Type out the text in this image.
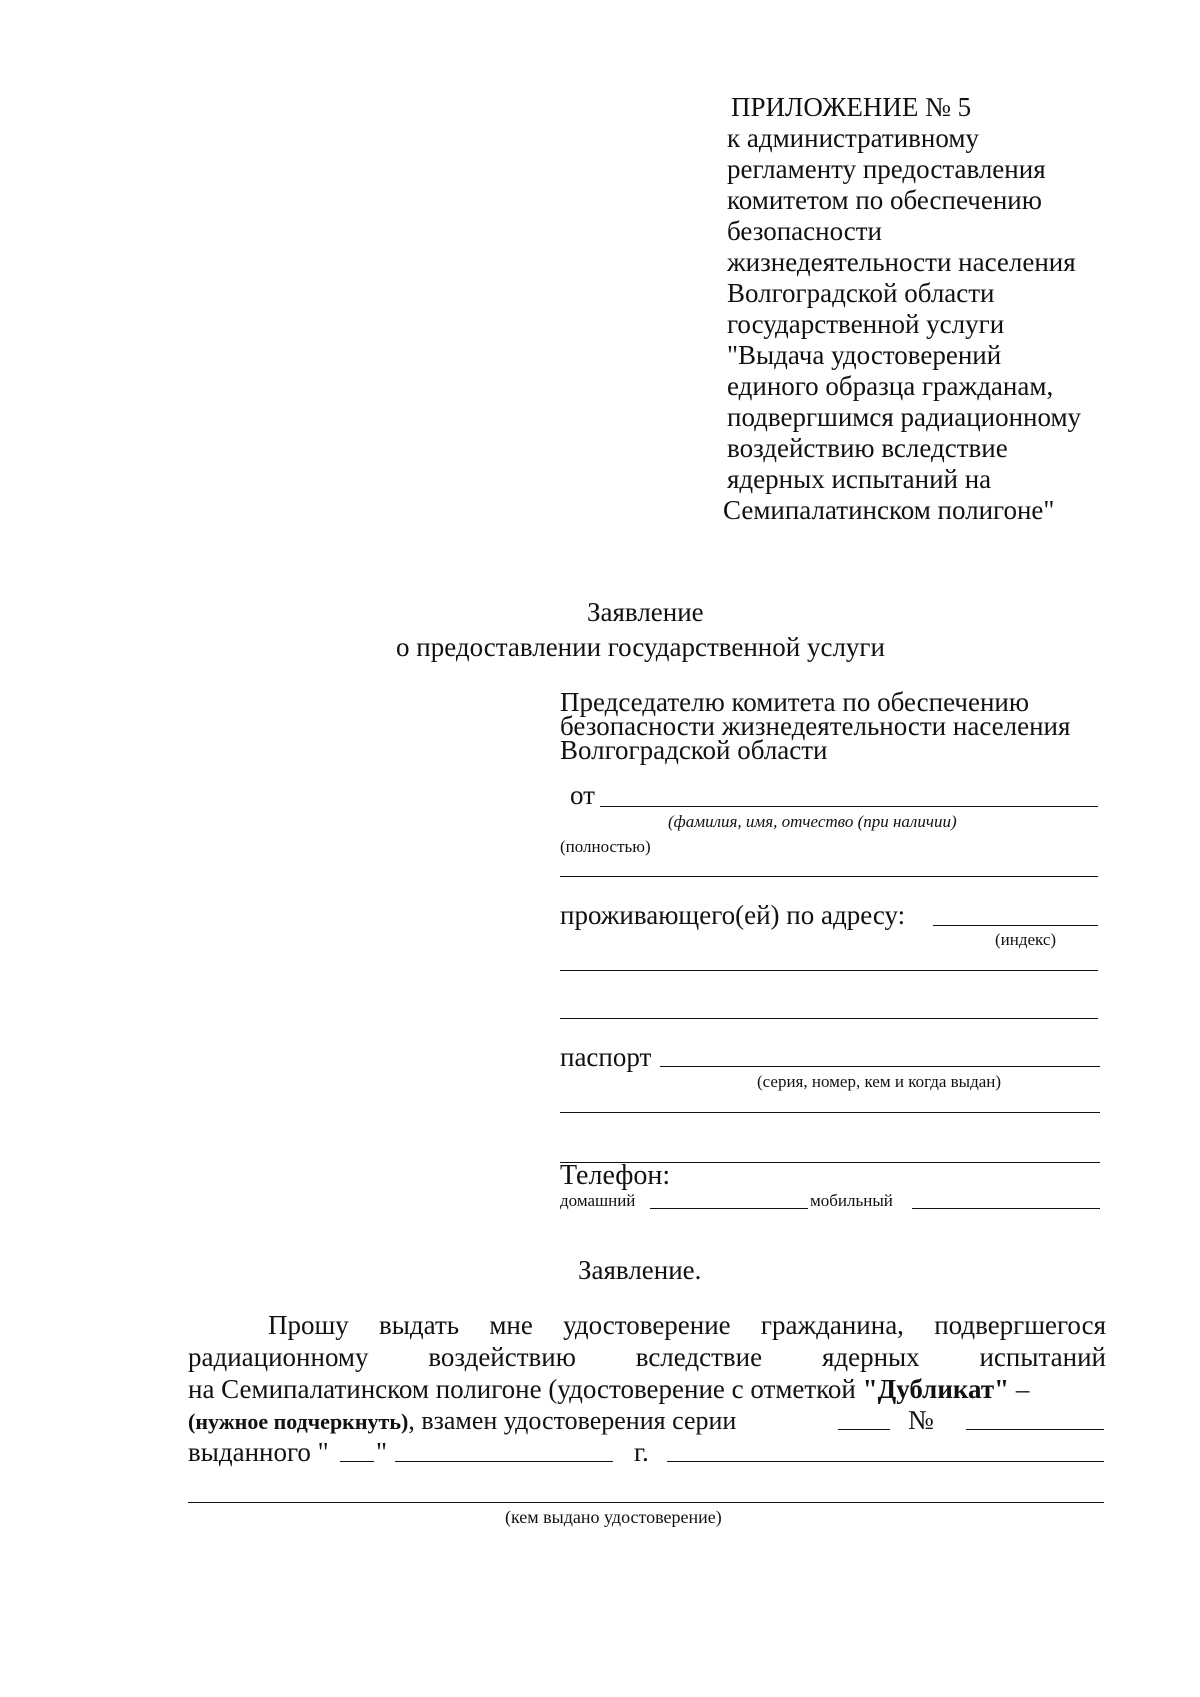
ПРИЛОЖЕНИЕ № 5
к административному
регламенту предоставления
комитетом по обеспечению
безопасности
жизнедеятельности населения
Волгоградской области
государственной услуги
"Выдача удостоверений
единого образца гражданам,
подвергшимся радиационному
воздействию вследствие
ядерных испытаний на
Семипалатинском полигоне"
Заявление
о предоставлении государственной услуги
Председателю комитета по обеспечению
безопасности жизнедеятельности населения
Волгоградской области
от
(фамилия, имя, отчество (при наличии)
(полностью)
проживающего(ей) по адресу:
(индекс)
паспорт
(серия, номер, кем и когда выдан)
Телефон:
домашний	мобильный
Заявление.
Прошу выдать мне удостоверение гражданина, подвергшегося
радиационному воздействию вследствие ядерных испытаний
на Семипалатинском полигоне (удостоверение с отметкой "Дубликат" –
(нужное подчеркнуть), взамен удостоверения серии	№
выданного " "	г.
(кем выдано удостоверение)
